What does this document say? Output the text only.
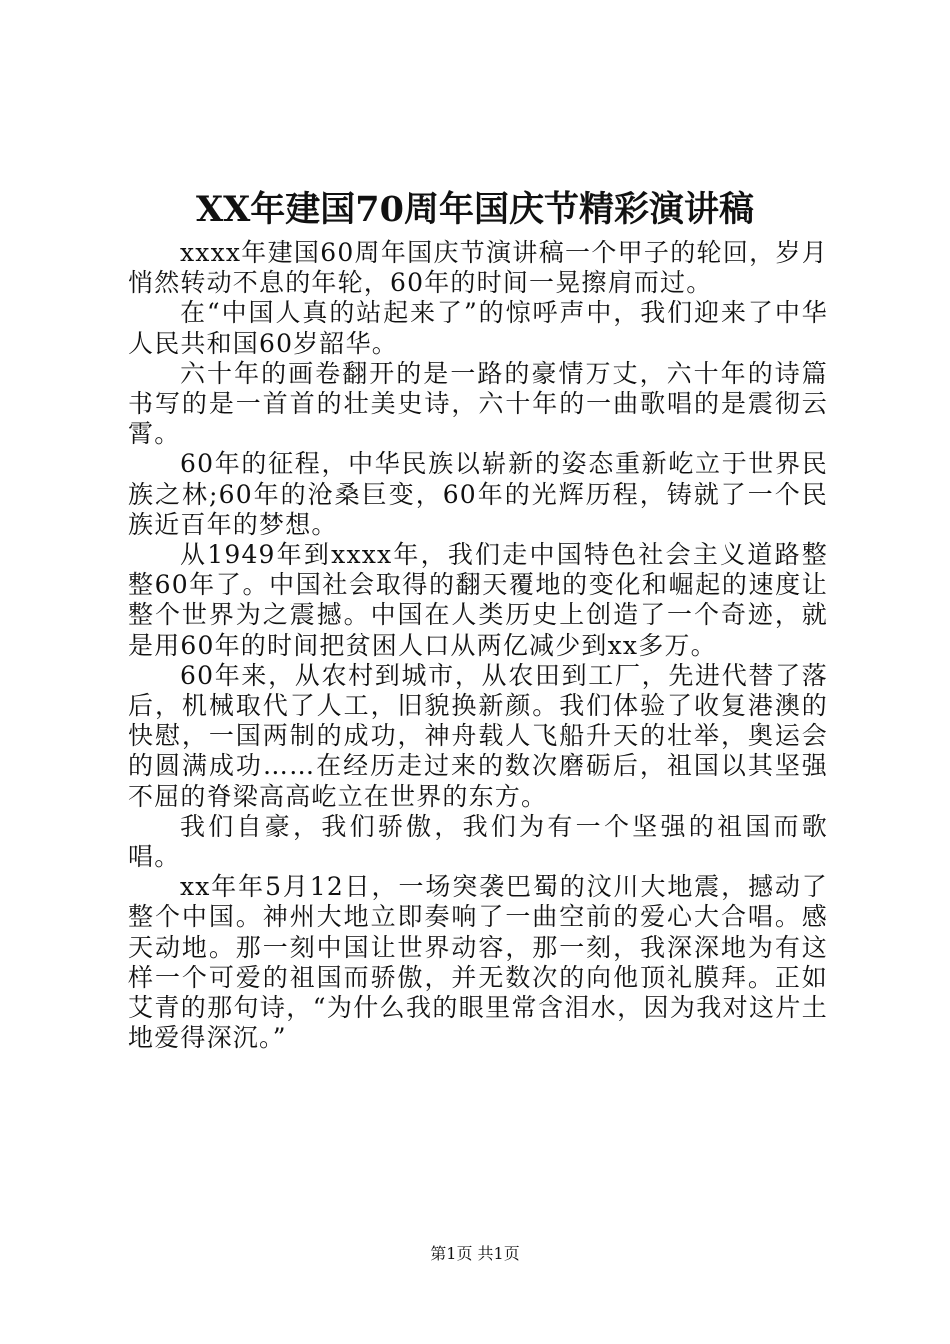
XX年建国70周年国庆节精彩演讲稿

xxxx年建国60周年国庆节演讲稿一个甲子的轮回，岁月悄然转动不息的年轮，60年的时间一晃擦肩而过。

在“中国人真的站起来了”的惊呼声中，我们迎来了中华人民共和国60岁韶华。

六十年的画卷翻开的是一路的豪情万丈，六十年的诗篇书写的是一首首的壮美史诗，六十年的一曲歌唱的是震彻云霄。

60年的征程，中华民族以崭新的姿态重新屹立于世界民族之林;60年的沧桑巨变，60年的光辉历程，铸就了一个民族近百年的梦想。

从1949年到xxxx年，我们走中国特色社会主义道路整整60年了。中国社会取得的翻天覆地的变化和崛起的速度让整个世界为之震撼。中国在人类历史上创造了一个奇迹，就是用60年的时间把贫困人口从两亿减少到xx多万。

60年来，从农村到城市，从农田到工厂，先进代替了落后，机械取代了人工，旧貌换新颜。我们体验了收复港澳的快慰，一国两制的成功，神舟载人飞船升天的壮举，奥运会的圆满成功……在经历走过来的数次磨砺后，祖国以其坚强不屈的脊梁高高屹立在世界的东方。

我们自豪，我们骄傲，我们为有一个坚强的祖国而歌唱。

xx年年5月12日，一场突袭巴蜀的汶川大地震，撼动了整个中国。神州大地立即奏响了一曲空前的爱心大合唱。感天动地。那一刻中国让世界动容，那一刻，我深深地为有这样一个可爱的祖国而骄傲，并无数次的向他顶礼膜拜。正如艾青的那句诗，“为什么我的眼里常含泪水，因为我对这片土地爱得深沉。”

第1页 共1页
